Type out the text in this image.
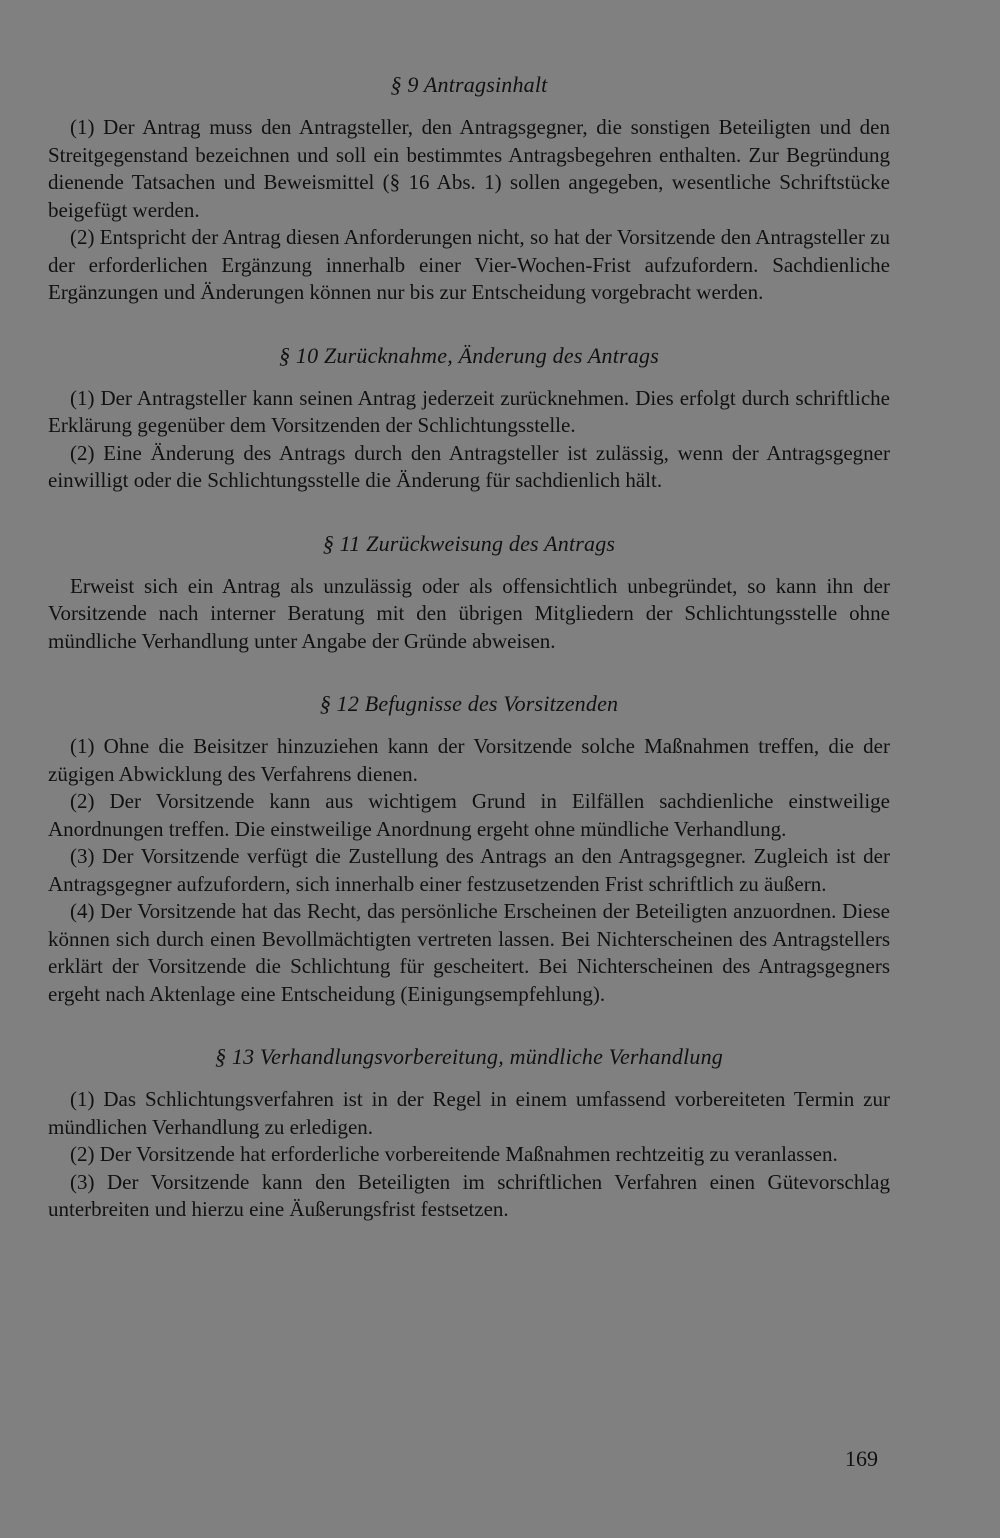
§ 9 Antragsinhalt

(1) Der Antrag muss den Antragsteller, den Antragsgegner, die sonstigen Beteiligten und den Streitgegenstand bezeichnen und soll ein bestimmtes Antragsbegehren enthalten. Zur Begründung dienende Tatsachen und Beweismittel (§ 16 Abs. 1) sollen angegeben, wesentliche Schriftstücke beigefügt werden.

(2) Entspricht der Antrag diesen Anforderungen nicht, so hat der Vorsitzende den Antragsteller zu der erforderlichen Ergänzung innerhalb einer Vier-Wochen-Frist aufzufordern. Sachdienliche Ergänzungen und Änderungen können nur bis zur Entscheidung vorgebracht werden.

§ 10 Zurücknahme, Änderung des Antrags

(1) Der Antragsteller kann seinen Antrag jederzeit zurücknehmen. Dies erfolgt durch schriftliche Erklärung gegenüber dem Vorsitzenden der Schlichtungsstelle.

(2) Eine Änderung des Antrags durch den Antragsteller ist zulässig, wenn der Antragsgegner einwilligt oder die Schlichtungsstelle die Änderung für sachdienlich hält.

§ 11 Zurückweisung des Antrags

Erweist sich ein Antrag als unzulässig oder als offensichtlich unbegründet, so kann ihn der Vorsitzende nach interner Beratung mit den übrigen Mitgliedern der Schlichtungsstelle ohne mündliche Verhandlung unter Angabe der Gründe abweisen.

§ 12 Befugnisse des Vorsitzenden

(1) Ohne die Beisitzer hinzuziehen kann der Vorsitzende solche Maßnahmen treffen, die der zügigen Abwicklung des Verfahrens dienen.

(2) Der Vorsitzende kann aus wichtigem Grund in Eilfällen sachdienliche einstweilige Anordnungen treffen. Die einstweilige Anordnung ergeht ohne mündliche Verhandlung.

(3) Der Vorsitzende verfügt die Zustellung des Antrags an den Antragsgegner. Zugleich ist der Antragsgegner aufzufordern, sich innerhalb einer festzusetzenden Frist schriftlich zu äußern.

(4) Der Vorsitzende hat das Recht, das persönliche Erscheinen der Beteiligten anzuordnen. Diese können sich durch einen Bevollmächtigten vertreten lassen. Bei Nichterscheinen des Antragstellers erklärt der Vorsitzende die Schlichtung für gescheitert. Bei Nichterscheinen des Antragsgegners ergeht nach Aktenlage eine Entscheidung (Einigungsempfehlung).

§ 13 Verhandlungsvorbereitung, mündliche Verhandlung

(1) Das Schlichtungsverfahren ist in der Regel in einem umfassend vorbereiteten Termin zur mündlichen Verhandlung zu erledigen.

(2) Der Vorsitzende hat erforderliche vorbereitende Maßnahmen rechtzeitig zu veranlassen.

(3) Der Vorsitzende kann den Beteiligten im schriftlichen Verfahren einen Gütevorschlag unterbreiten und hierzu eine Äußerungsfrist festsetzen.

169
